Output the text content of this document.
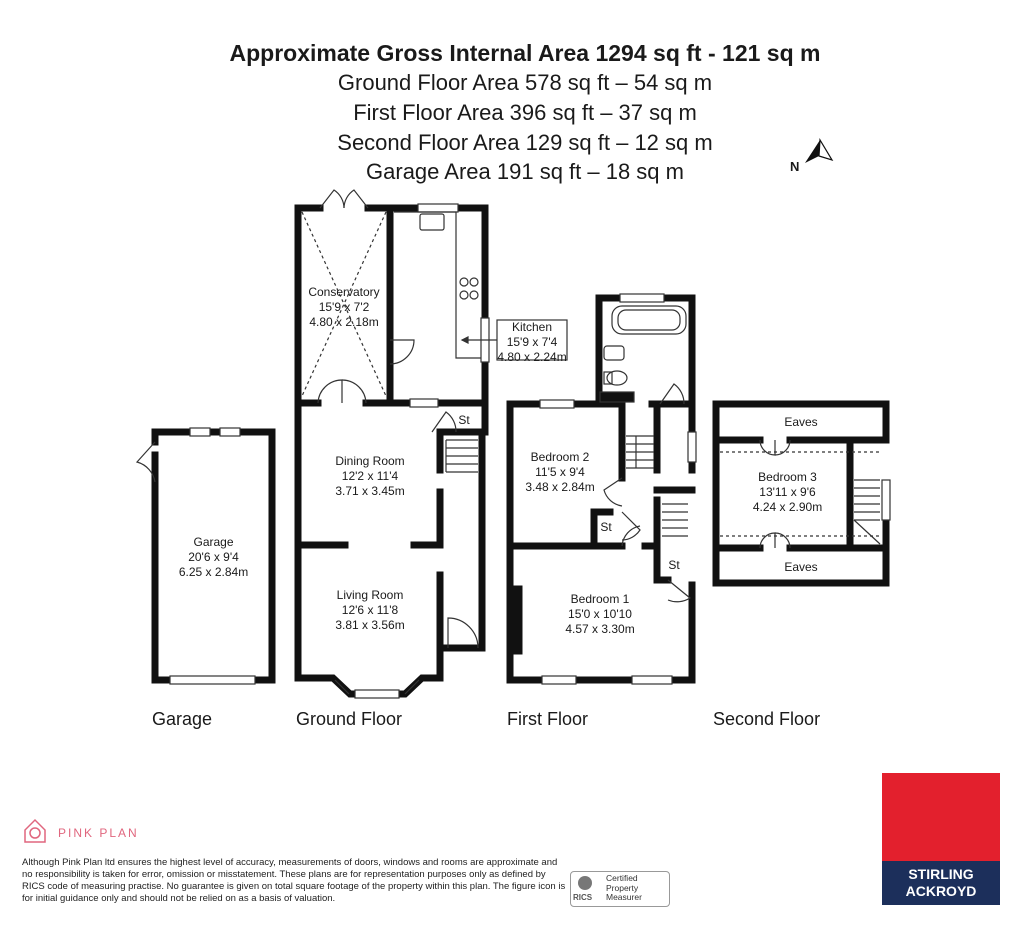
Approximate Gross Internal Area 1294 sq ft - 121 sq m
Ground Floor Area 578 sq ft – 54 sq m
First Floor Area 396 sq ft – 37 sq m
Second Floor Area 129 sq ft – 12 sq m
Garage Area 191 sq ft – 18 sq m	N
Conservatory
15'9 x 7'2
4.80 x 2.18m	Kitchen
15'9 x 7'4
4.80 x 2.24m
Dining Room
12'2 x 11'4
3.71 x 3.45m
Living Room
12'6 x 11'8
3.81 x 3.56m
Garage
20'6 x 9'4
6.25 x 2.84m
Bedroom 2
11'5 x 9'4
3.48 x 2.84m
Bedroom 1
15'0 x 10'10
4.57 x 3.30m
Bedroom 3
13'11 x 9'6
4.24 x 2.90m
Eaves
Eaves
St
St
St
Garage	Ground Floor	First Floor	Second Floor
PINK PLAN
Although Pink Plan ltd ensures the highest level of accuracy, measurements of doors, windows and rooms are approximate and no responsibility is taken for error, omission or misstatement. These plans are for representation purposes only as defined by RICS code of measuring practise. No guarantee is given on total square footage of the property within this plan. The figure icon is for initial guidance only and should not be relied on as a basis of valuation.	RICS
Certified
Property
Measurer
STIRLING
ACKROYD
